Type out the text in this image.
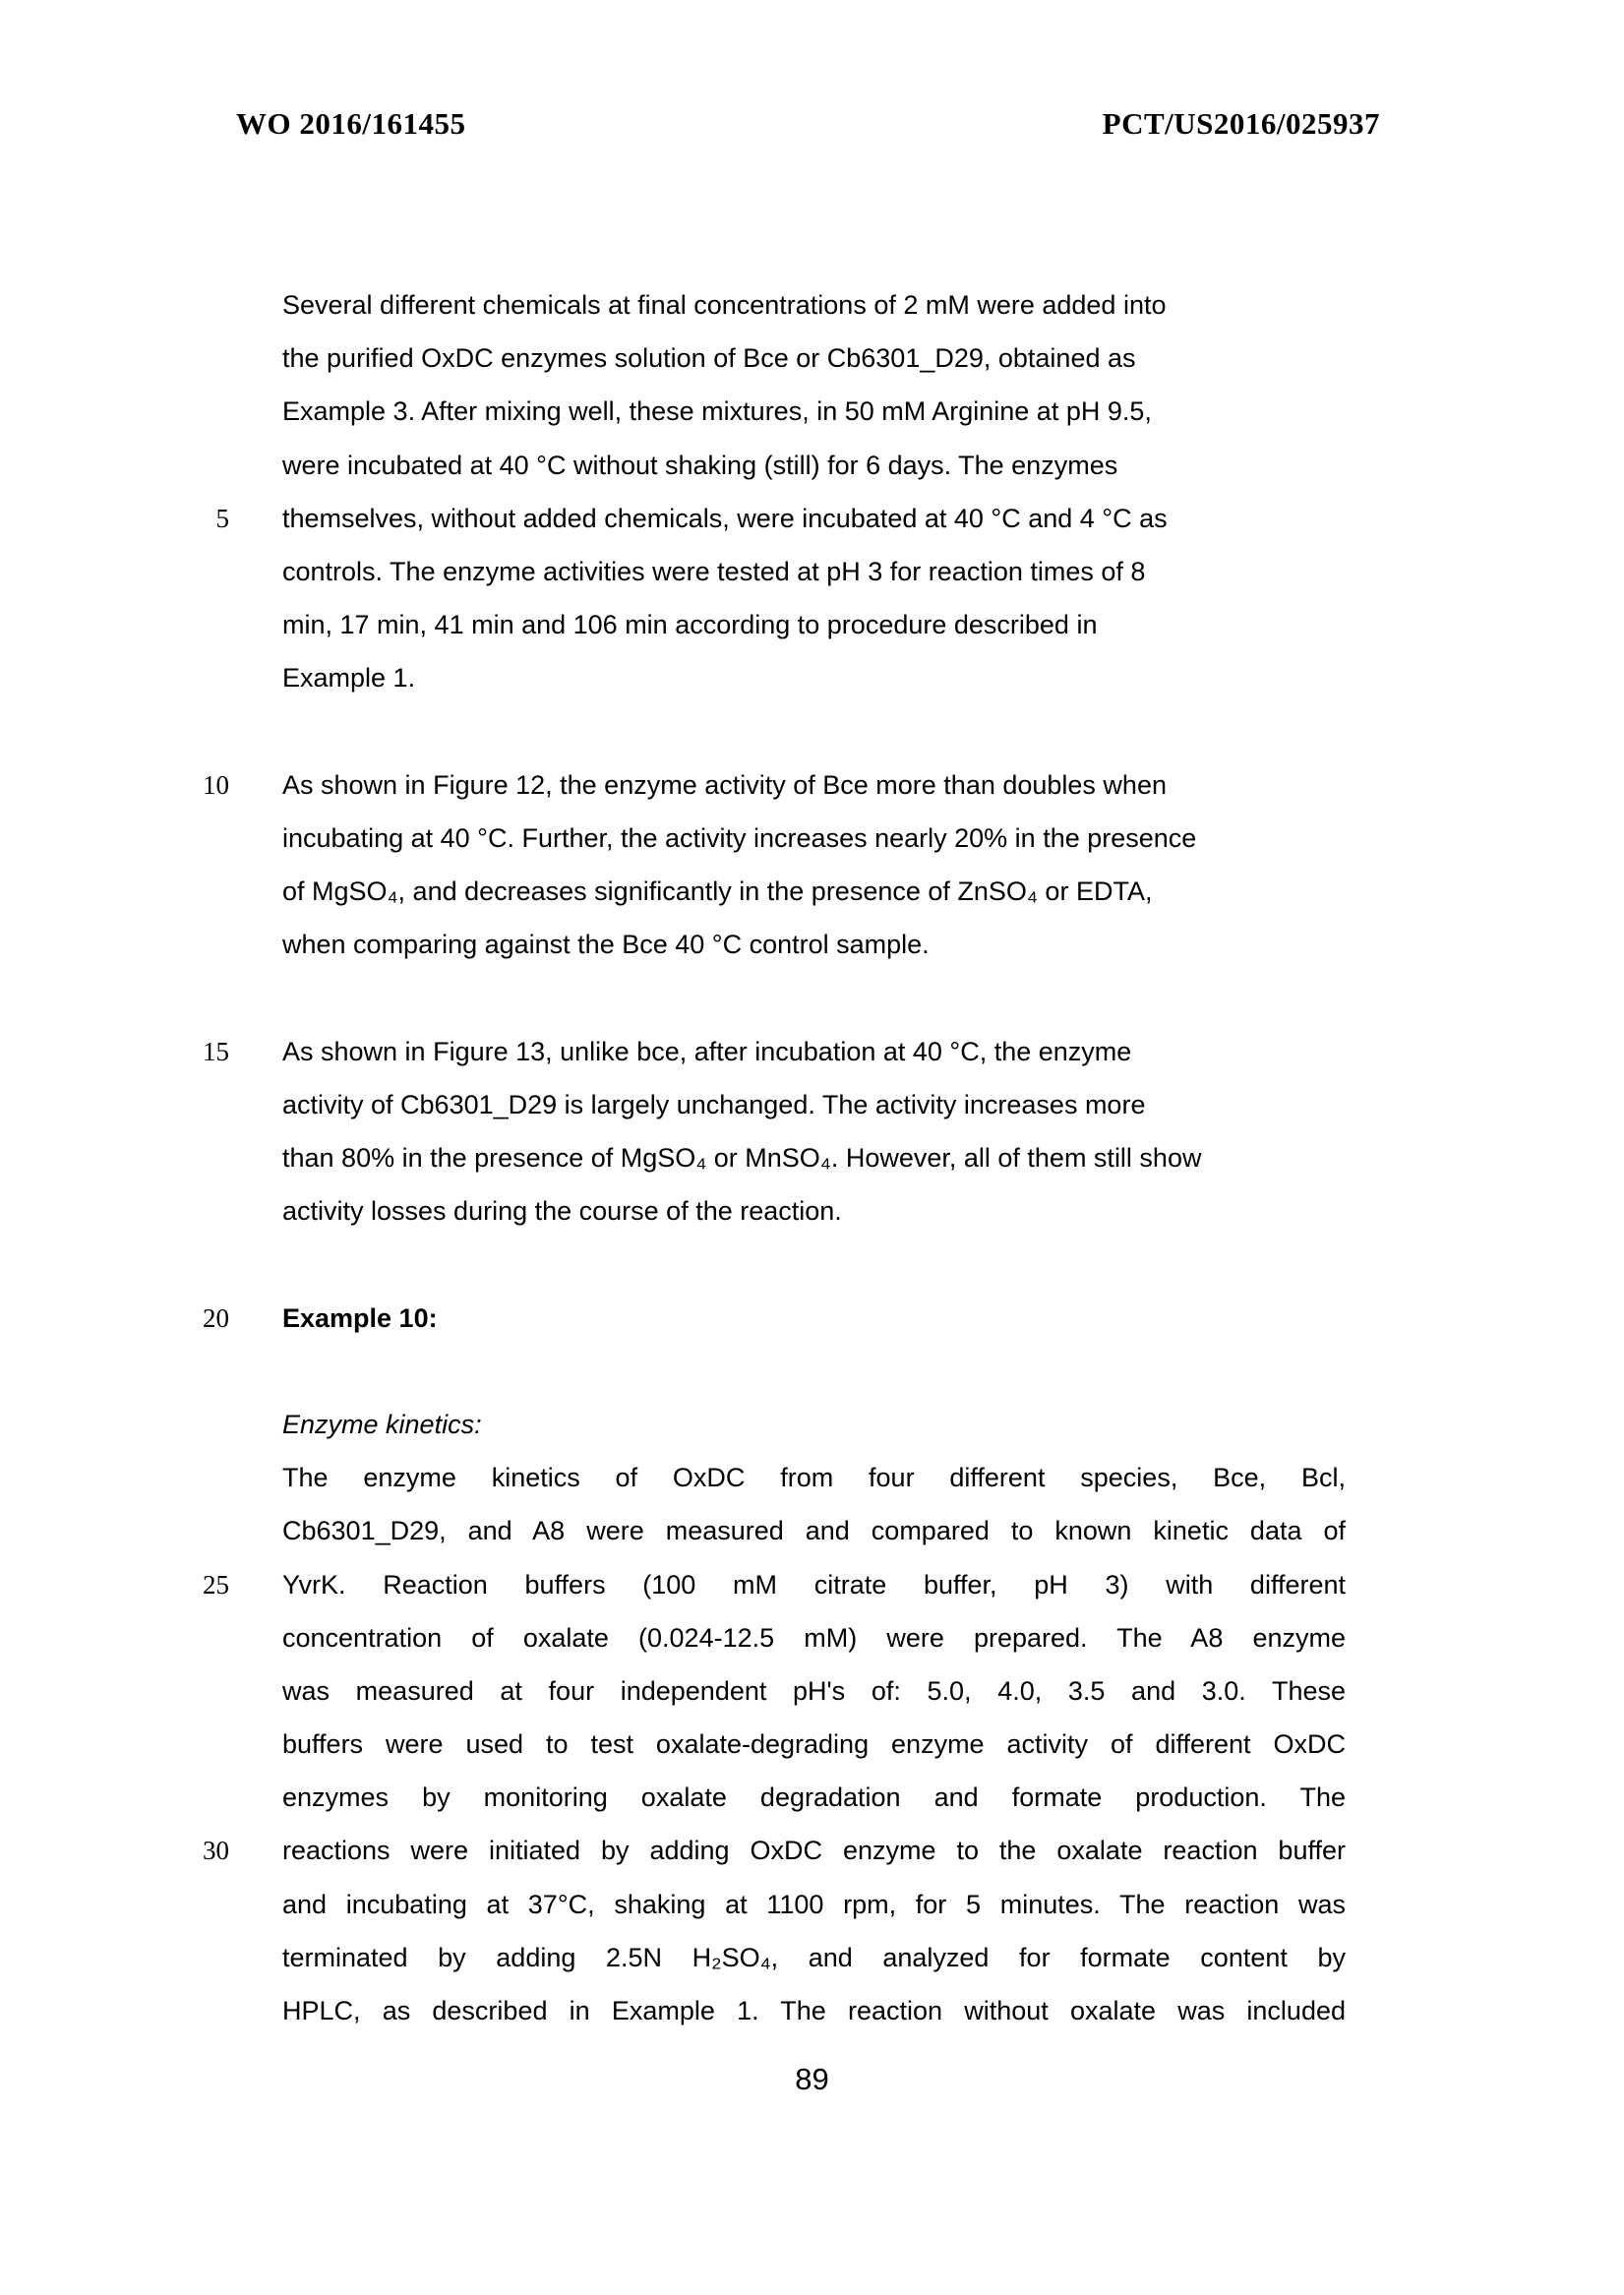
WO 2016/161455	PCT/US2016/025937
Several different chemicals at final concentrations of 2 mM were added into
the purified OxDC enzymes solution of Bce or Cb6301_D29, obtained as
Example 3. After mixing well, these mixtures, in 50 mM Arginine at pH 9.5,
were incubated at 40 °C without shaking (still) for 6 days. The enzymes
5 themselves, without added chemicals, were incubated at 40 °C and 4 °C as
controls. The enzyme activities were tested at pH 3 for reaction times of 8
min, 17 min, 41 min and 106 min according to procedure described in
Example 1.
10 As shown in Figure 12, the enzyme activity of Bce more than doubles when
incubating at 40 °C. Further, the activity increases nearly 20% in the presence
of MgSO₄, and decreases significantly in the presence of ZnSO₄ or EDTA,
when comparing against the Bce 40 °C control sample.
15 As shown in Figure 13, unlike bce, after incubation at 40 °C, the enzyme
activity of Cb6301_D29 is largely unchanged. The activity increases more
than 80% in the presence of MgSO₄ or MnSO₄. However, all of them still show
activity losses during the course of the reaction.
20 Example 10:
Enzyme kinetics:
The enzyme kinetics of OxDC from four different species, Bce, Bcl,
Cb6301_D29, and A8 were measured and compared to known kinetic data of
25 YvrK. Reaction buffers (100 mM citrate buffer, pH 3) with different
concentration of oxalate (0.024-12.5 mM) were prepared. The A8 enzyme
was measured at four independent pH's of: 5.0, 4.0, 3.5 and 3.0. These
buffers were used to test oxalate-degrading enzyme activity of different OxDC
enzymes by monitoring oxalate degradation and formate production. The
30 reactions were initiated by adding OxDC enzyme to the oxalate reaction buffer
and incubating at 37°C, shaking at 1100 rpm, for 5 minutes. The reaction was
terminated by adding 2.5N H₂SO₄, and analyzed for formate content by
HPLC, as described in Example 1. The reaction without oxalate was included
89
